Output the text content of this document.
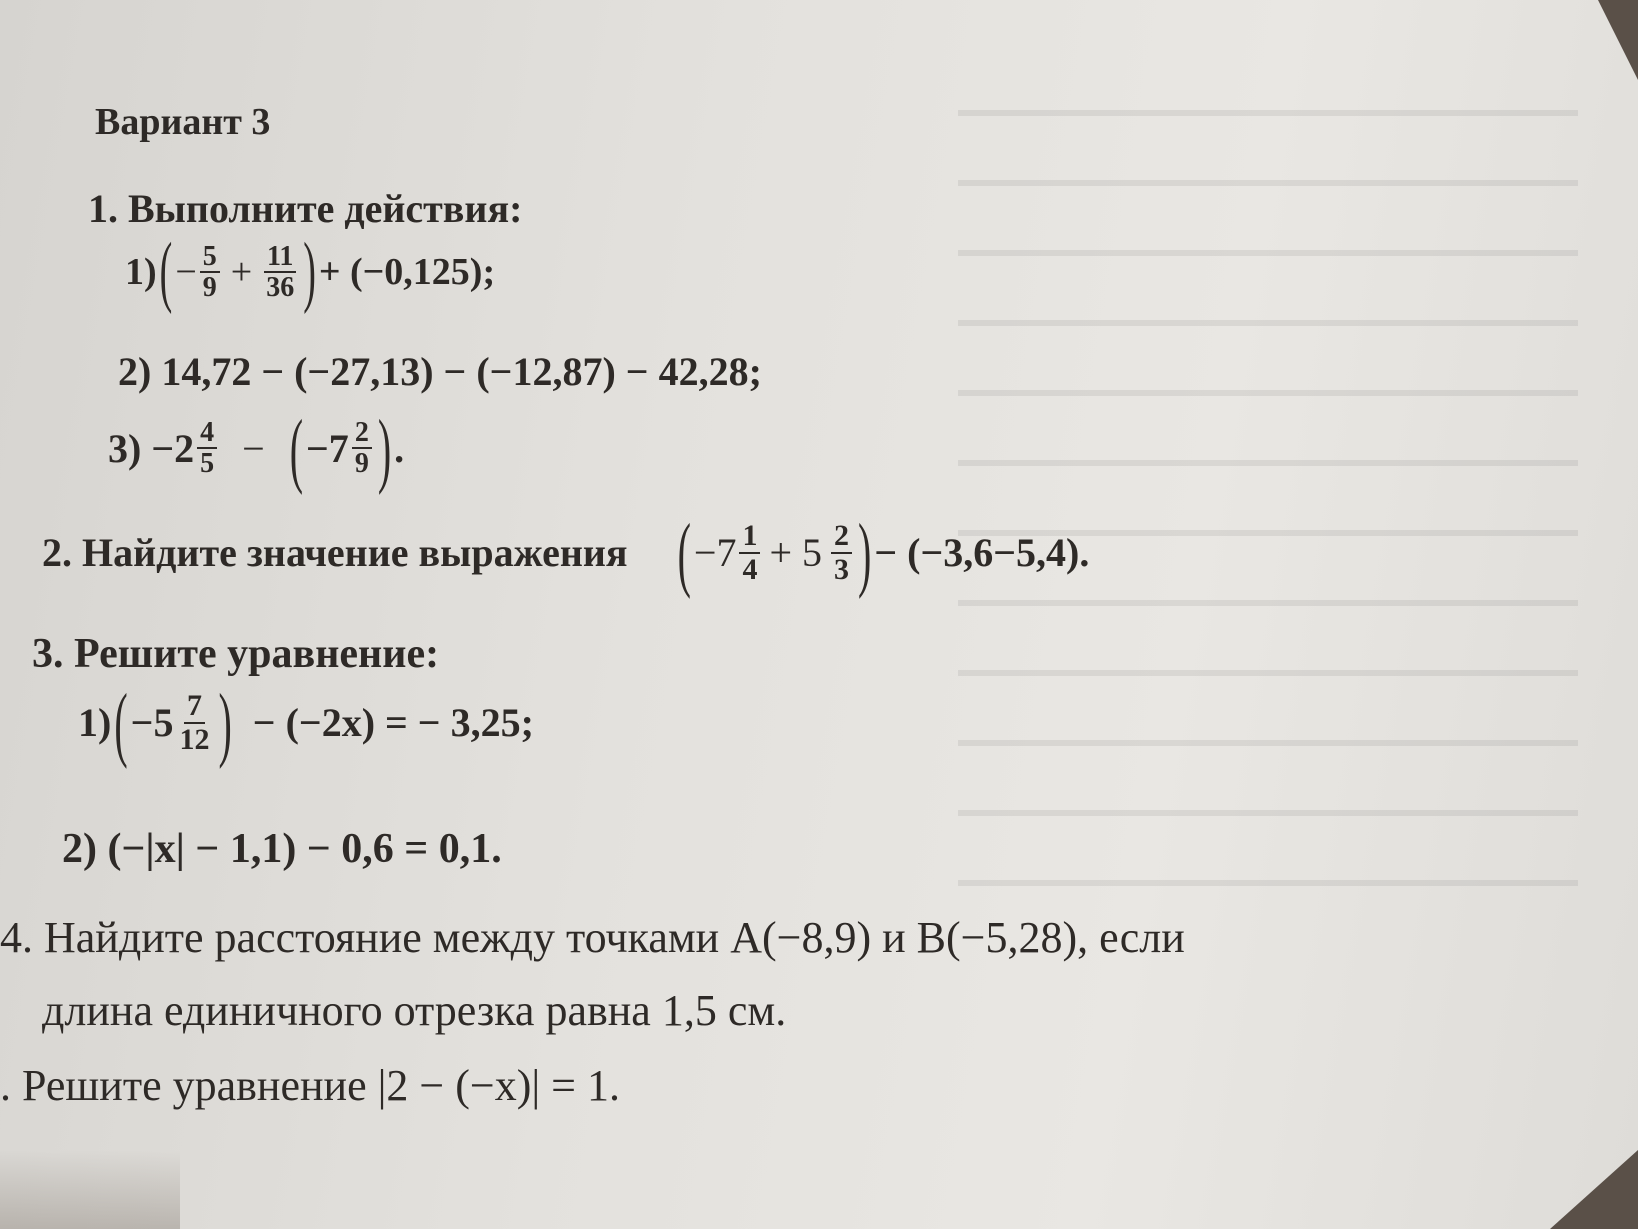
Вариант 3
1. Выполните действия:
1) ( − $\frac{5}{9} + \frac{11}{36}$ ) + (−0,125);
2) 14,72 − (−27,13) − (−12,87) − 42,28;
$3) -2 \frac{4}{5}$ − ( $-7 \frac{2}{9}$ ) .
2. Найдите значение выражения ( $-7 \frac{1}{4} + 5 \frac{2}{3}$ ) − (−3,6−5,4).
3. Решите уравнение:
1) ( $-5 \frac{7}{12}$ ) − (−2x) = − 3,25;
2) (−|x| − 1,1) − 0,6 = 0,1.
4. Найдите расстояние между точками A(−8,9) и B(−5,28), если
длина единичного отрезка равна 1,5 см.
. Решите уравнение |2 − (−x)| = 1.
